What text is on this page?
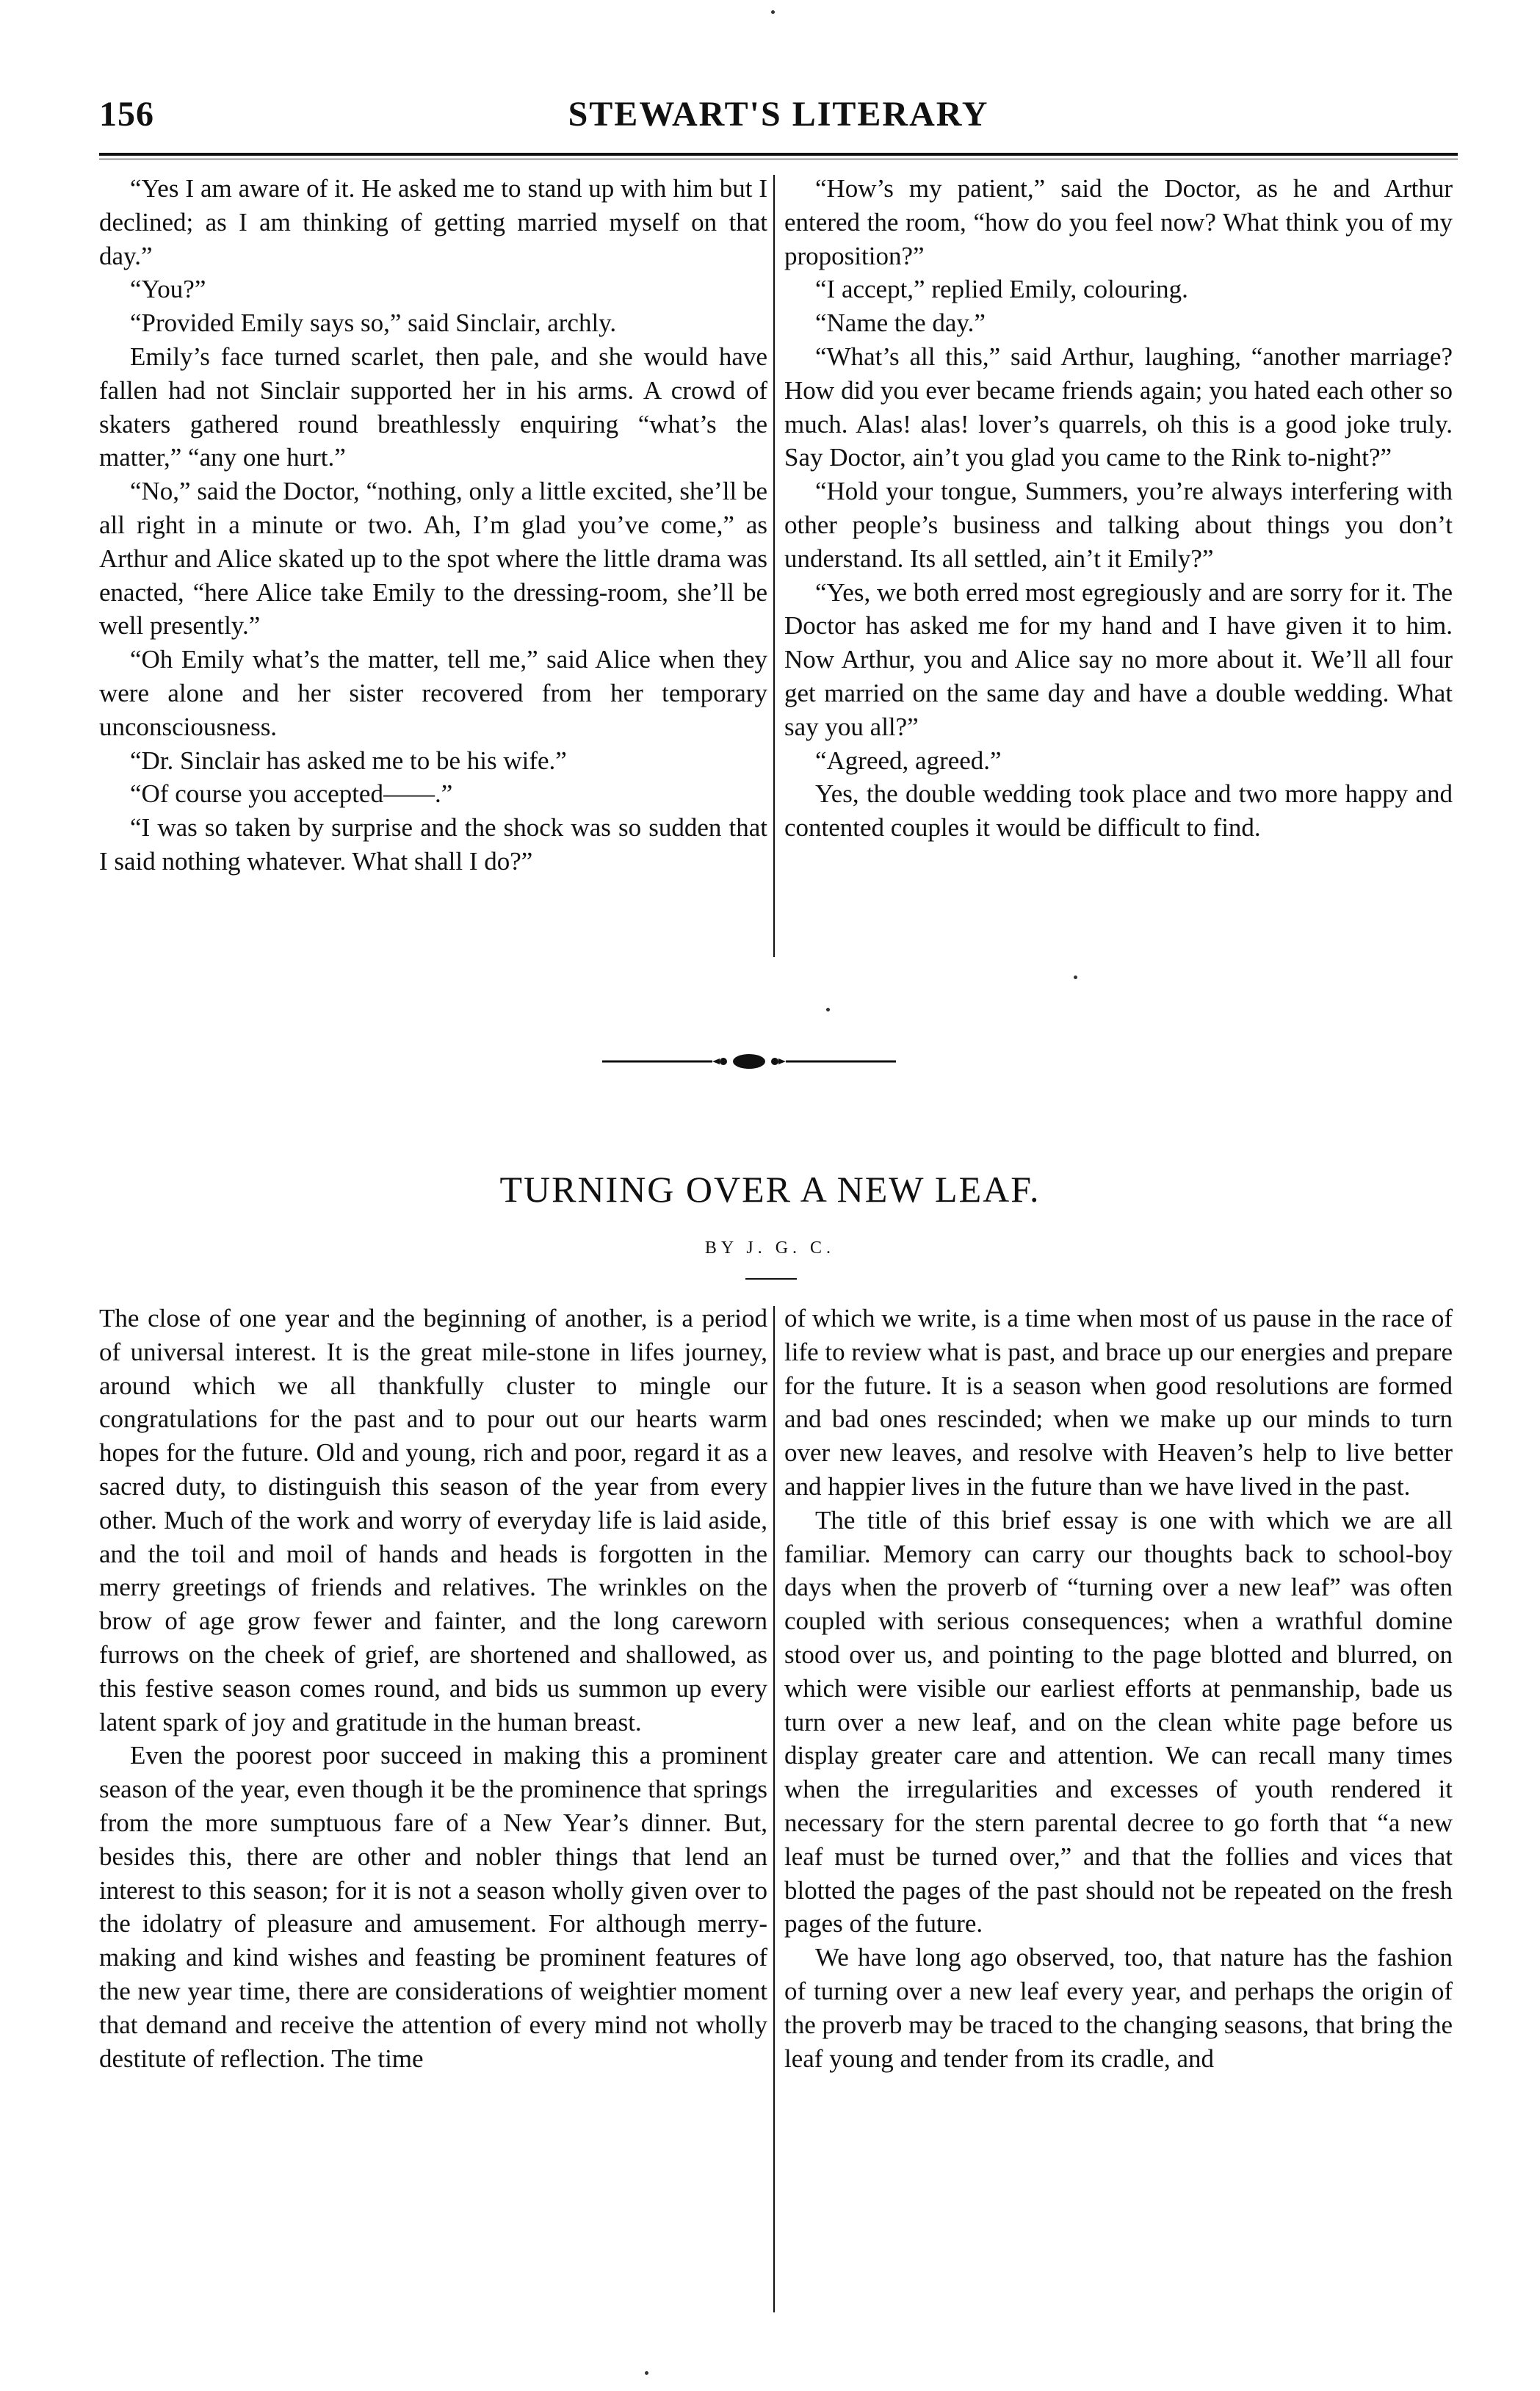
156	STEWART'S LITERARY

“Yes I am aware of it. He asked me to stand up with him but I declined; as I am thinking of getting married myself on that day.”

“You?”

“Provided Emily says so,” said Sinclair, archly.

Emily’s face turned scarlet, then pale, and she would have fallen had not Sinclair supported her in his arms. A crowd of skaters gathered round breathlessly enquiring “what’s the matter,” “any one hurt.”

“No,” said the Doctor, “nothing, only a little excited, she’ll be all right in a minute or two. Ah, I’m glad you’ve come,” as Arthur and Alice skated up to the spot where the little drama was enacted, “here Alice take Emily to the dressing-room, she’ll be well presently.”

“Oh Emily what’s the matter, tell me,” said Alice when they were alone and her sister recovered from her temporary unconsciousness.

“Dr. Sinclair has asked me to be his wife.”

“Of course you accepted——.”

“I was so taken by surprise and the shock was so sudden that I said nothing whatever. What shall I do?”

“How’s my patient,” said the Doctor, as he and Arthur entered the room, “how do you feel now? What think you of my proposition?”

“I accept,” replied Emily, colouring.

“Name the day.”

“What’s all this,” said Arthur, laughing, “another marriage? How did you ever became friends again; you hated each other so much. Alas! alas! lover’s quarrels, oh this is a good joke truly. Say Doctor, ain’t you glad you came to the Rink to-night?”

“Hold your tongue, Summers, you’re always interfering with other people’s business and talking about things you don’t understand. Its all settled, ain’t it Emily?”

“Yes, we both erred most egregiously and are sorry for it. The Doctor has asked me for my hand and I have given it to him. Now Arthur, you and Alice say no more about it. We’ll all four get married on the same day and have a double wedding. What say you all?”

“Agreed, agreed.”

Yes, the double wedding took place and two more happy and contented couples it would be difficult to find.

TURNING OVER A NEW LEAF.
BY J. G. C.

The close of one year and the beginning of another, is a period of universal interest. It is the great mile-stone in lifes journey, around which we all thankfully cluster to mingle our congratulations for the past and to pour out our hearts warm hopes for the future. Old and young, rich and poor, regard it as a sacred duty, to distinguish this season of the year from every other. Much of the work and worry of everyday life is laid aside, and the toil and moil of hands and heads is forgotten in the merry greetings of friends and relatives. The wrinkles on the brow of age grow fewer and fainter, and the long careworn furrows on the cheek of grief, are shortened and shallowed, as this festive season comes round, and bids us summon up every latent spark of joy and gratitude in the human breast.

Even the poorest poor succeed in making this a prominent season of the year, even though it be the prominence that springs from the more sumptuous fare of a New Year’s dinner. But, besides this, there are other and nobler things that lend an interest to this season; for it is not a season wholly given over to the idolatry of pleasure and amusement. For although merry-making and kind wishes and feasting be prominent features of the new year time, there are considerations of weightier moment that demand and receive the attention of every mind not wholly destitute of reflection. The time

of which we write, is a time when most of us pause in the race of life to review what is past, and brace up our energies and prepare for the future. It is a season when good resolutions are formed and bad ones rescinded; when we make up our minds to turn over new leaves, and resolve with Heaven’s help to live better and happier lives in the future than we have lived in the past.

The title of this brief essay is one with which we are all familiar. Memory can carry our thoughts back to school-boy days when the proverb of “turning over a new leaf” was often coupled with serious consequences; when a wrathful domine stood over us, and pointing to the page blotted and blurred, on which were visible our earliest efforts at penmanship, bade us turn over a new leaf, and on the clean white page before us display greater care and attention. We can recall many times when the irregularities and excesses of youth rendered it necessary for the stern parental decree to go forth that “a new leaf must be turned over,” and that the follies and vices that blotted the pages of the past should not be repeated on the fresh pages of the future.

We have long ago observed, too, that nature has the fashion of turning over a new leaf every year, and perhaps the origin of the proverb may be traced to the changing seasons, that bring the leaf young and tender from its cradle, and
